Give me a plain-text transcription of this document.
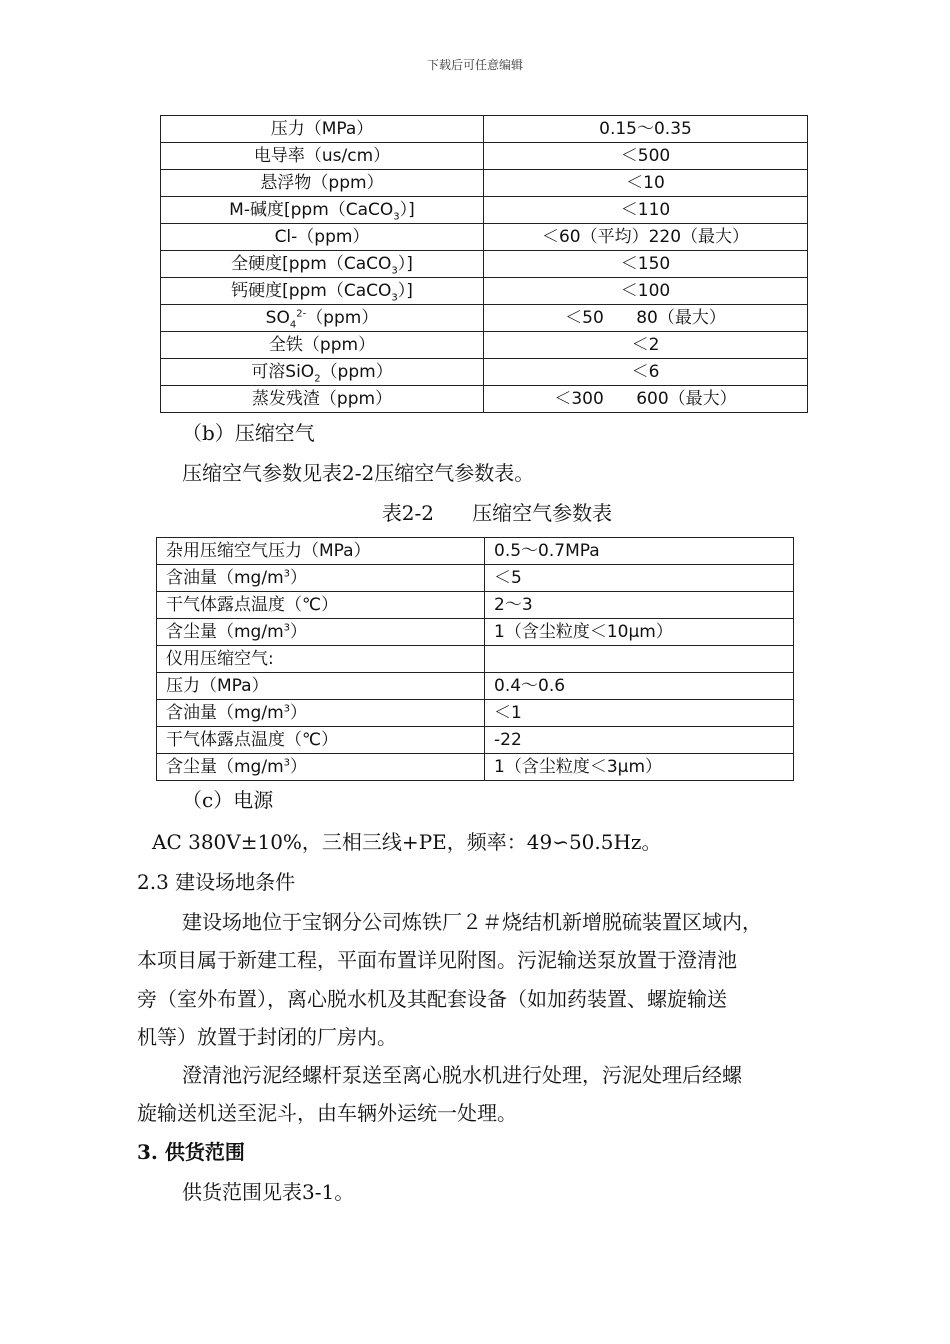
下载后可任意编辑
压力（MPa）	0.15～0.35
电导率（us/cm）	＜500
悬浮物（ppm）	＜10
M-碱度[ppm（CaCO$_3$）]	＜110
Cl-（ppm）	＜60（平均）220（最大）
全硬度[ppm（CaCO$_3$）]	＜150
钙硬度[ppm（CaCO$_3$）]	＜100
$SO_4^{2-}(ppm)$	＜50      80（最大）
全铁（ppm）	＜2
可溶SiO$_2$（ppm）	＜6
蒸发残渣（ppm）	＜300      600（最大）
（b）压缩空气
压缩空气参数见表2-2压缩空气参数表。
表2-2      压缩空气参数表
杂用压缩空气压力（MPa）	0.5～0.7MPa
含油量$(mg/m^3)$	＜5
干气体露点温度（℃）	2～3
含尘量$(mg/m^3)$	1（含尘粒度＜10μm）
仪用压缩空气:	
压力（MPa）	0.4～0.6
含油量$(mg/m^3)$	＜1
干气体露点温度（℃）	-22
含尘量$(mg/m^3)$	1（含尘粒度＜3μm）
（c）电源
AC 380V±10%，三相三线+PE，频率：49∽50.5Hz。
2.3 建设场地条件
建设场地位于宝钢分公司炼铁厂２＃烧结机新增脱硫装置区域内，
本项目属于新建工程，平面布置详见附图。污泥输送泵放置于澄清池
旁（室外布置），离心脱水机及其配套设备（如加药装置、螺旋输送
机等）放置于封闭的厂房内。
澄清池污泥经螺杆泵送至离心脱水机进行处理，污泥处理后经螺
旋输送机送至泥斗，由车辆外运统一处理。
3. 供货范围
供货范围见表3-1。
